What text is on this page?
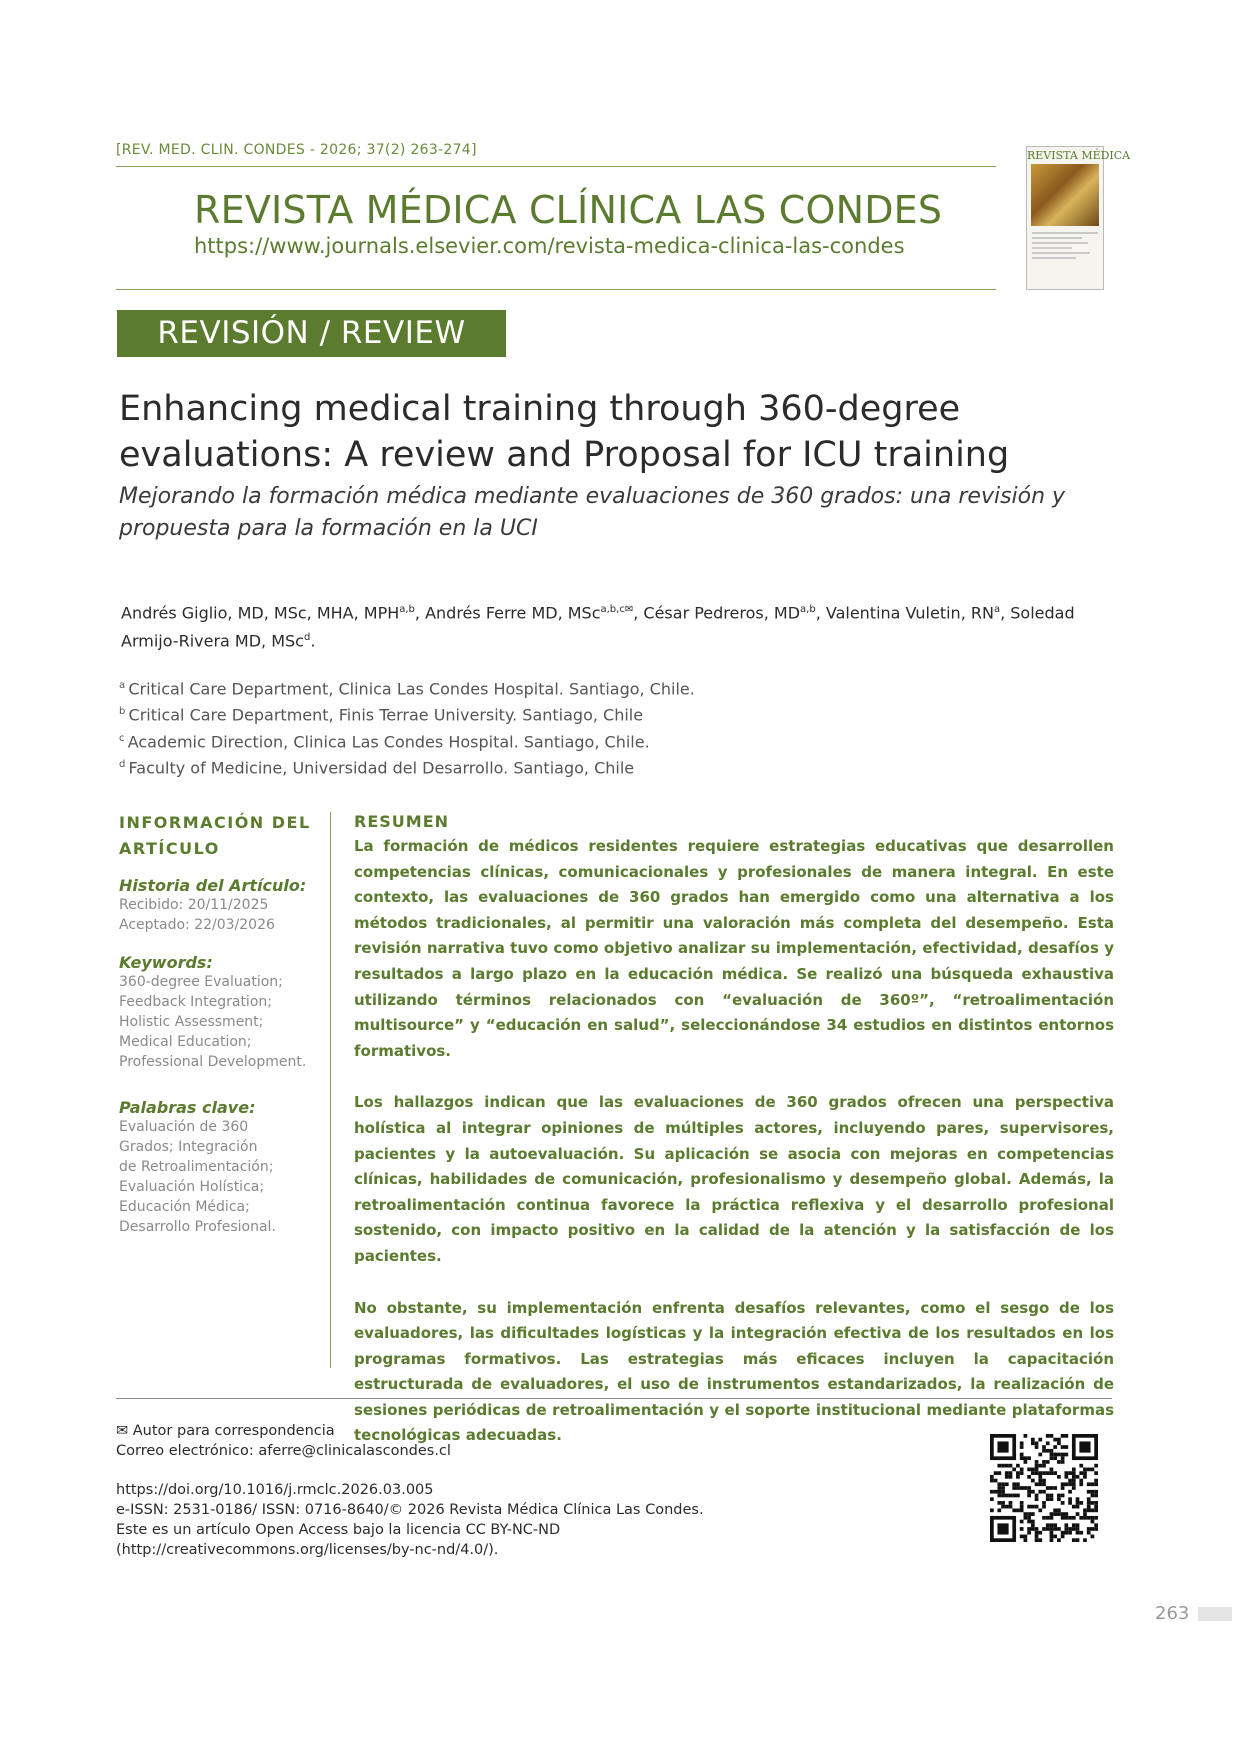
[REV. MED. CLIN. CONDES - 2026; 37(2) 263-274]
REVISTA MÉDICA CLÍNICA LAS CONDES
https://www.journals.elsevier.com/revista-medica-clinica-las-condes
REVISTA MÉDICA
REVISIÓN / REVIEW
Enhancing medical training through 360-degree evaluations: A review and Proposal for ICU training
Mejorando la formación médica mediante evaluaciones de 360 grados: una revisión y propuesta para la formación en la UCI
Andrés Giglio, MD, MSc, MHA, MPH$^{a,b}$, Andrés Ferre MD, MSc$^{a,b,c✉}$, César Pedreros, MD$^{a,b}$, Valentina Vuletin, $RN^a$, Soledad Armijo-Rivera MD, MSc$^d$.
$^a$ Critical Care Department, Clinica Las Condes Hospital. Santiago, Chile.
$^b$ Critical Care Department, Finis Terrae University. Santiago, Chile
$^c$ Academic Direction, Clinica Las Condes Hospital. Santiago, Chile.
$^d$ Faculty of Medicine, Universidad del Desarrollo. Santiago, Chile
INFORMACIÓN DEL
ARTÍCULO
Historia del Artículo:
Recibido: 20/11/2025
Aceptado: 22/03/2026
Keywords:
360-degree Evaluation;
Feedback Integration;
Holistic Assessment;
Medical Education;
Professional Development.
Palabras clave:
Evaluación de 360
Grados; Integración
de Retroalimentación;
Evaluación Holística;
Educación Médica;
Desarrollo Profesional.
RESUMEN

La formación de médicos residentes requiere estrategias educativas que desarrollen competencias clínicas, comunicacionales y profesionales de manera integral. En este contexto, las evaluaciones de 360 grados han emergido como una alternativa a los métodos tradicionales, al permitir una valoración más completa del desempeño. Esta revisión narrativa tuvo como objetivo analizar su implementación, efectividad, desafíos y resultados a largo plazo en la educación médica. Se realizó una búsqueda exhaustiva utilizando términos relacionados con “evaluación de 360º”, “retroalimentación multisource” y “educación en salud”, seleccionándose 34 estudios en distintos entornos formativos.

Los hallazgos indican que las evaluaciones de 360 grados ofrecen una perspectiva holística al integrar opiniones de múltiples actores, incluyendo pares, supervisores, pacientes y la autoevaluación. Su aplicación se asocia con mejoras en competencias clínicas, habilidades de comunicación, profesionalismo y desempeño global. Además, la retroalimentación continua favorece la práctica reflexiva y el desarrollo profesional sostenido, con impacto positivo en la calidad de la atención y la satisfacción de los pacientes.

No obstante, su implementación enfrenta desafíos relevantes, como el sesgo de los evaluadores, las dificultades logísticas y la integración efectiva de los resultados en los programas formativos. Las estrategias más eficaces incluyen la capacitación estructurada de evaluadores, el uso de instrumentos estandarizados, la realización de sesiones periódicas de retroalimentación y el soporte institucional mediante plataformas tecnológicas adecuadas.

✉ Autor para correspondencia
Correo electrónico: aferre@clinicalascondes.cl
https://doi.org/10.1016/j.rmclc.2026.03.005
e-ISSN: 2531-0186/ ISSN: 0716-8640/© 2026 Revista Médica Clínica Las Condes.
Este es un artículo Open Access bajo la licencia CC BY-NC-ND
(http://creativecommons.org/licenses/by-nc-nd/4.0/).
263
